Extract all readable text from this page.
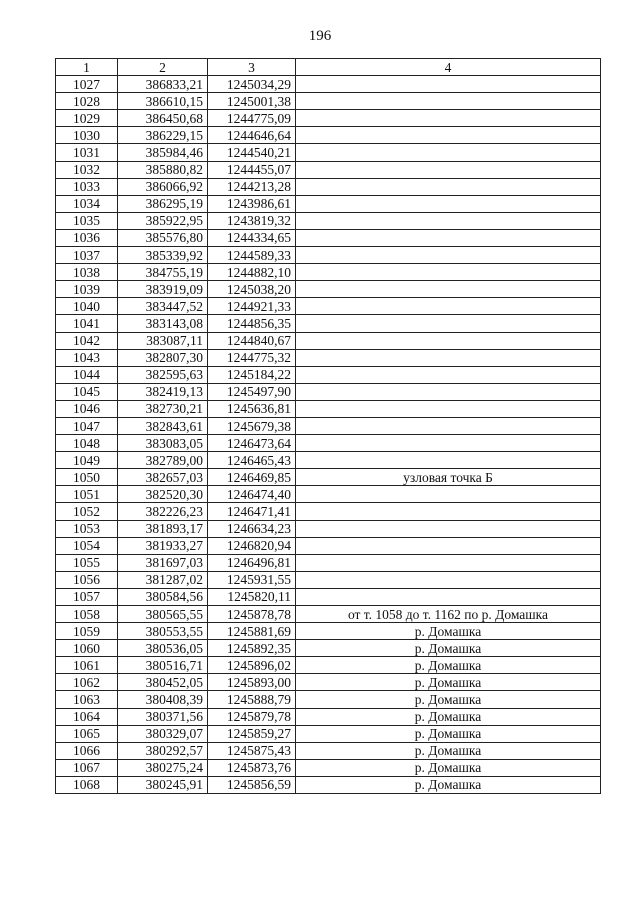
196
1	2	3	4
1027	386833,21	1245034,29	
1028	386610,15	1245001,38	
1029	386450,68	1244775,09	
1030	386229,15	1244646,64	
1031	385984,46	1244540,21	
1032	385880,82	1244455,07	
1033	386066,92	1244213,28	
1034	386295,19	1243986,61	
1035	385922,95	1243819,32	
1036	385576,80	1244334,65	
1037	385339,92	1244589,33	
1038	384755,19	1244882,10	
1039	383919,09	1245038,20	
1040	383447,52	1244921,33	
1041	383143,08	1244856,35	
1042	383087,11	1244840,67	
1043	382807,30	1244775,32	
1044	382595,63	1245184,22	
1045	382419,13	1245497,90	
1046	382730,21	1245636,81	
1047	382843,61	1245679,38	
1048	383083,05	1246473,64	
1049	382789,00	1246465,43	
1050	382657,03	1246469,85	узловая точка Б
1051	382520,30	1246474,40	
1052	382226,23	1246471,41	
1053	381893,17	1246634,23	
1054	381933,27	1246820,94	
1055	381697,03	1246496,81	
1056	381287,02	1245931,55	
1057	380584,56	1245820,11	
1058	380565,55	1245878,78	от т. 1058 до т. 1162 по р. Домашка
1059	380553,55	1245881,69	р. Домашка
1060	380536,05	1245892,35	р. Домашка
1061	380516,71	1245896,02	р. Домашка
1062	380452,05	1245893,00	р. Домашка
1063	380408,39	1245888,79	р. Домашка
1064	380371,56	1245879,78	р. Домашка
1065	380329,07	1245859,27	р. Домашка
1066	380292,57	1245875,43	р. Домашка
1067	380275,24	1245873,76	р. Домашка
1068	380245,91	1245856,59	р. Домашка
